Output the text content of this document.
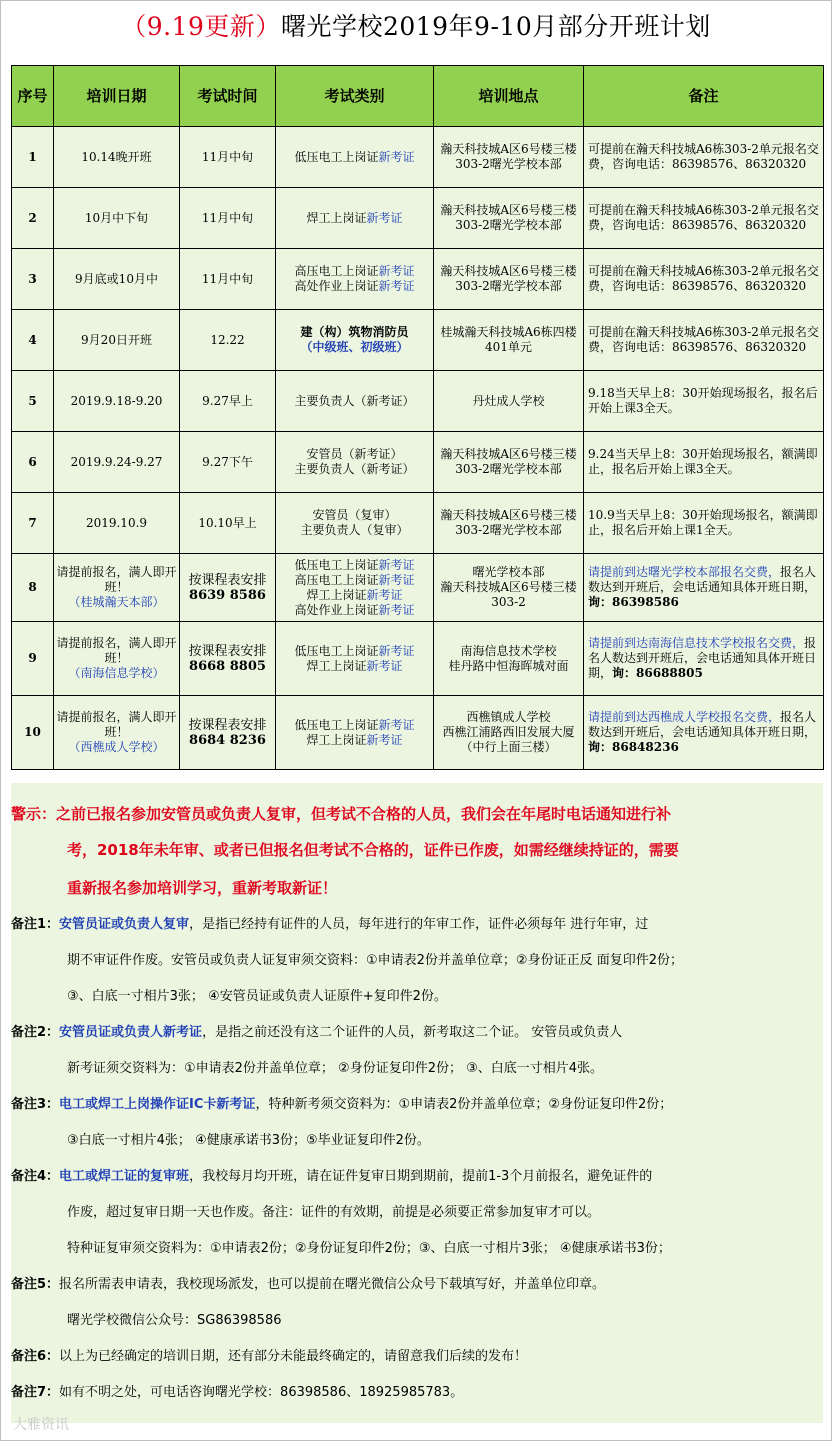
（9.19更新）曙光学校2019年9-10月部分开班计划
序号	培训日期	考试时间	考试类别	培训地点	备注
1	10.14晚开班	11月中旬	低压电工上岗证新考证	瀚天科技城A区6号楼三楼303-2曙光学校本部	可提前在瀚天科技城A6栋303-2单元报名交费，咨询电话：86398576、86320320
2	10月中下旬	11月中旬	焊工上岗证新考证	瀚天科技城A区6号楼三楼303-2曙光学校本部	可提前在瀚天科技城A6栋303-2单元报名交费，咨询电话：86398576、86320320
3	9月底或10月中	11月中旬	高压电工上岗证新考证
高处作业上岗证新考证	瀚天科技城A区6号楼三楼303-2曙光学校本部	可提前在瀚天科技城A6栋303-2单元报名交费，咨询电话：86398576、86320320
4	9月20日开班	12.22	建（构）筑物消防员
（中级班、初级班）	桂城瀚天科技城A6栋四楼401单元	可提前在瀚天科技城A6栋303-2单元报名交费，咨询电话：86398576、86320320
5	2019.9.18-9.20	9.27早上	主要负责人（新考证）	丹灶成人学校	9.18当天早上8：30开始现场报名，报名后开始上课3全天。
6	2019.9.24-9.27	9.27下午	安管员（新考证）
主要负责人（新考证）	瀚天科技城A区6号楼三楼303-2曙光学校本部	9.24当天早上8：30开始现场报名，额满即止，报名后开始上课3全天。
7	2019.10.9	10.10早上	安管员（复审）
主要负责人（复审）	瀚天科技城A区6号楼三楼303-2曙光学校本部	10.9当天早上8：30开始现场报名，额满即止，报名后开始上课1全天。
8	请提前报名，满人即开班！
（桂城瀚天本部）	按课程表安排
8639 8586	低压电工上岗证新考证
高压电工上岗证新考证
焊工上岗证新考证
高处作业上岗证新考证	曙光学校本部
瀚天科技城A区6号楼三楼303-2	请提前到达曙光学校本部报名交费，报名人数达到开班后，会电话通知具体开班日期，询：86398586
9	请提前报名，满人即开班！
（南海信息学校）	按课程表安排
8668 8805	低压电工上岗证新考证
焊工上岗证新考证	南海信息技术学校
桂丹路中恒海晖城对面	请提前到达南海信息技术学校报名交费，报名人数达到开班后，会电话通知具体开班日期，询：86688805
10	请提前报名，满人即开班！
（西樵成人学校）	按课程表安排
8684 8236	低压电工上岗证新考证
焊工上岗证新考证	西樵镇成人学校
西樵江浦路西旧发展大厦（中行上面三楼）	请提前到达西樵成人学校报名交费，报名人数达到开班后，会电话通知具体开班日期，询：86848236
警示：之前已报名参加安管员或负责人复审，但考试不合格的人员，我们会在年尾时电话通知进行补
考，2018年未年审、或者已但报名但考试不合格的，证件已作废，如需经继续持证的，需要
重新报名参加培训学习，重新考取新证！
备注1：安管员证或负责人复审，是指已经持有证件的人员，每年进行的年审工作，证件必须每年 进行年审，过
期不审证件作废。安管员或负责人证复审须交资料：①申请表2份并盖单位章；②身份证正反 面复印件2份；
③、白底一寸相片3张； ④安管员证或负责人证原件+复印件2份。
备注2：安管员证或负责人新考证，是指之前还没有这二个证件的人员，新考取这二个证。 安管员或负责人
新考证须交资料为：①申请表2份并盖单位章； ②身份证复印件2份； ③、白底一寸相片4张。
备注3：电工或焊工上岗操作证IC卡新考证，特种新考须交资料为：①申请表2份并盖单位章；②身份证复印件2份；
③白底一寸相片4张； ④健康承诺书3份；⑤毕业证复印件2份。
备注4：电工或焊工证的复审班，我校每月均开班，请在证件复审日期到期前，提前1-3个月前报名，避免证件的
作废，超过复审日期一天也作废。备注：证件的有效期，前提是必须要正常参加复审才可以。
特种证复审须交资料为：①申请表2份；②身份证复印件2份；③、白底一寸相片3张； ④健康承诺书3份；
备注5：报名所需表申请表，我校现场派发，也可以提前在曙光微信公众号下载填写好，并盖单位印章。
曙光学校微信公众号：SG86398586
备注6：以上为已经确定的培训日期，还有部分未能最终确定的，请留意我们后续的发布！
备注7：如有不明之处，可电话咨询曙光学校：86398586、18925985783。
大雅资讯
